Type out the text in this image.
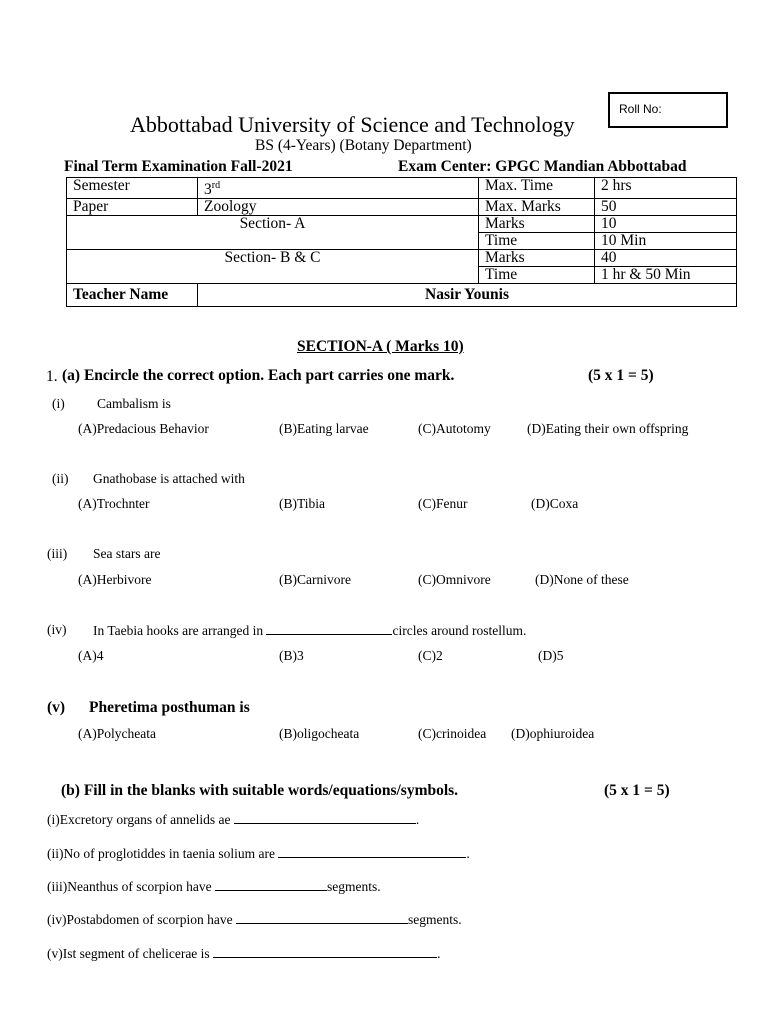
Roll No:
Abbottabad University of Science and Technology
BS (4-Years) (Botany Department)
Final Term Examination Fall-2021	Exam Center: GPGC Mandian Abbottabad
Semester	3rd	Max. Time	2 hrs
Paper	Zoology	Max. Marks	50
Section- A		Marks	10
		Time	10 Min
Section- B & C		Marks	40
		Time	1 hr & 50 Min
Teacher Name	Nasir Younis		
SECTION-A ( Marks 10)
1. (a) Encircle the correct option. Each part carries one mark.	(5 x 1 = 5)
(i) Cambalism is
(A)Predacious Behavior	(B)Eating larvae	(C)Autotomy	(D)Eating their own offspring
(ii) Gnathobase is attached with
(A)Trochnter	(B)Tibia	(C)Fenur	(D)Coxa
(iii) Sea stars are
(A)Herbivore	(B)Carnivore	(C)Omnivore	(D)None of these
(iv) In Taebia hooks are arranged in	circles around rostellum.
(A)4	(B)3	(C)2	(D)5
(v) Pheretima posthuman is
(A)Polycheata	(B)oligocheata	(C)crinoidea (D)ophiuroidea
(b) Fill in the blanks with suitable words/equations/symbols.	(5 x 1 = 5)
(i)Excretory organs of annelids ae	.
(ii)No of proglotiddes in taenia solium are	.
(iii)Neanthus of scorpion have	segments.
(iv)Postabdomen of scorpion have	segments.
(v)Ist segment of chelicerae is	.
